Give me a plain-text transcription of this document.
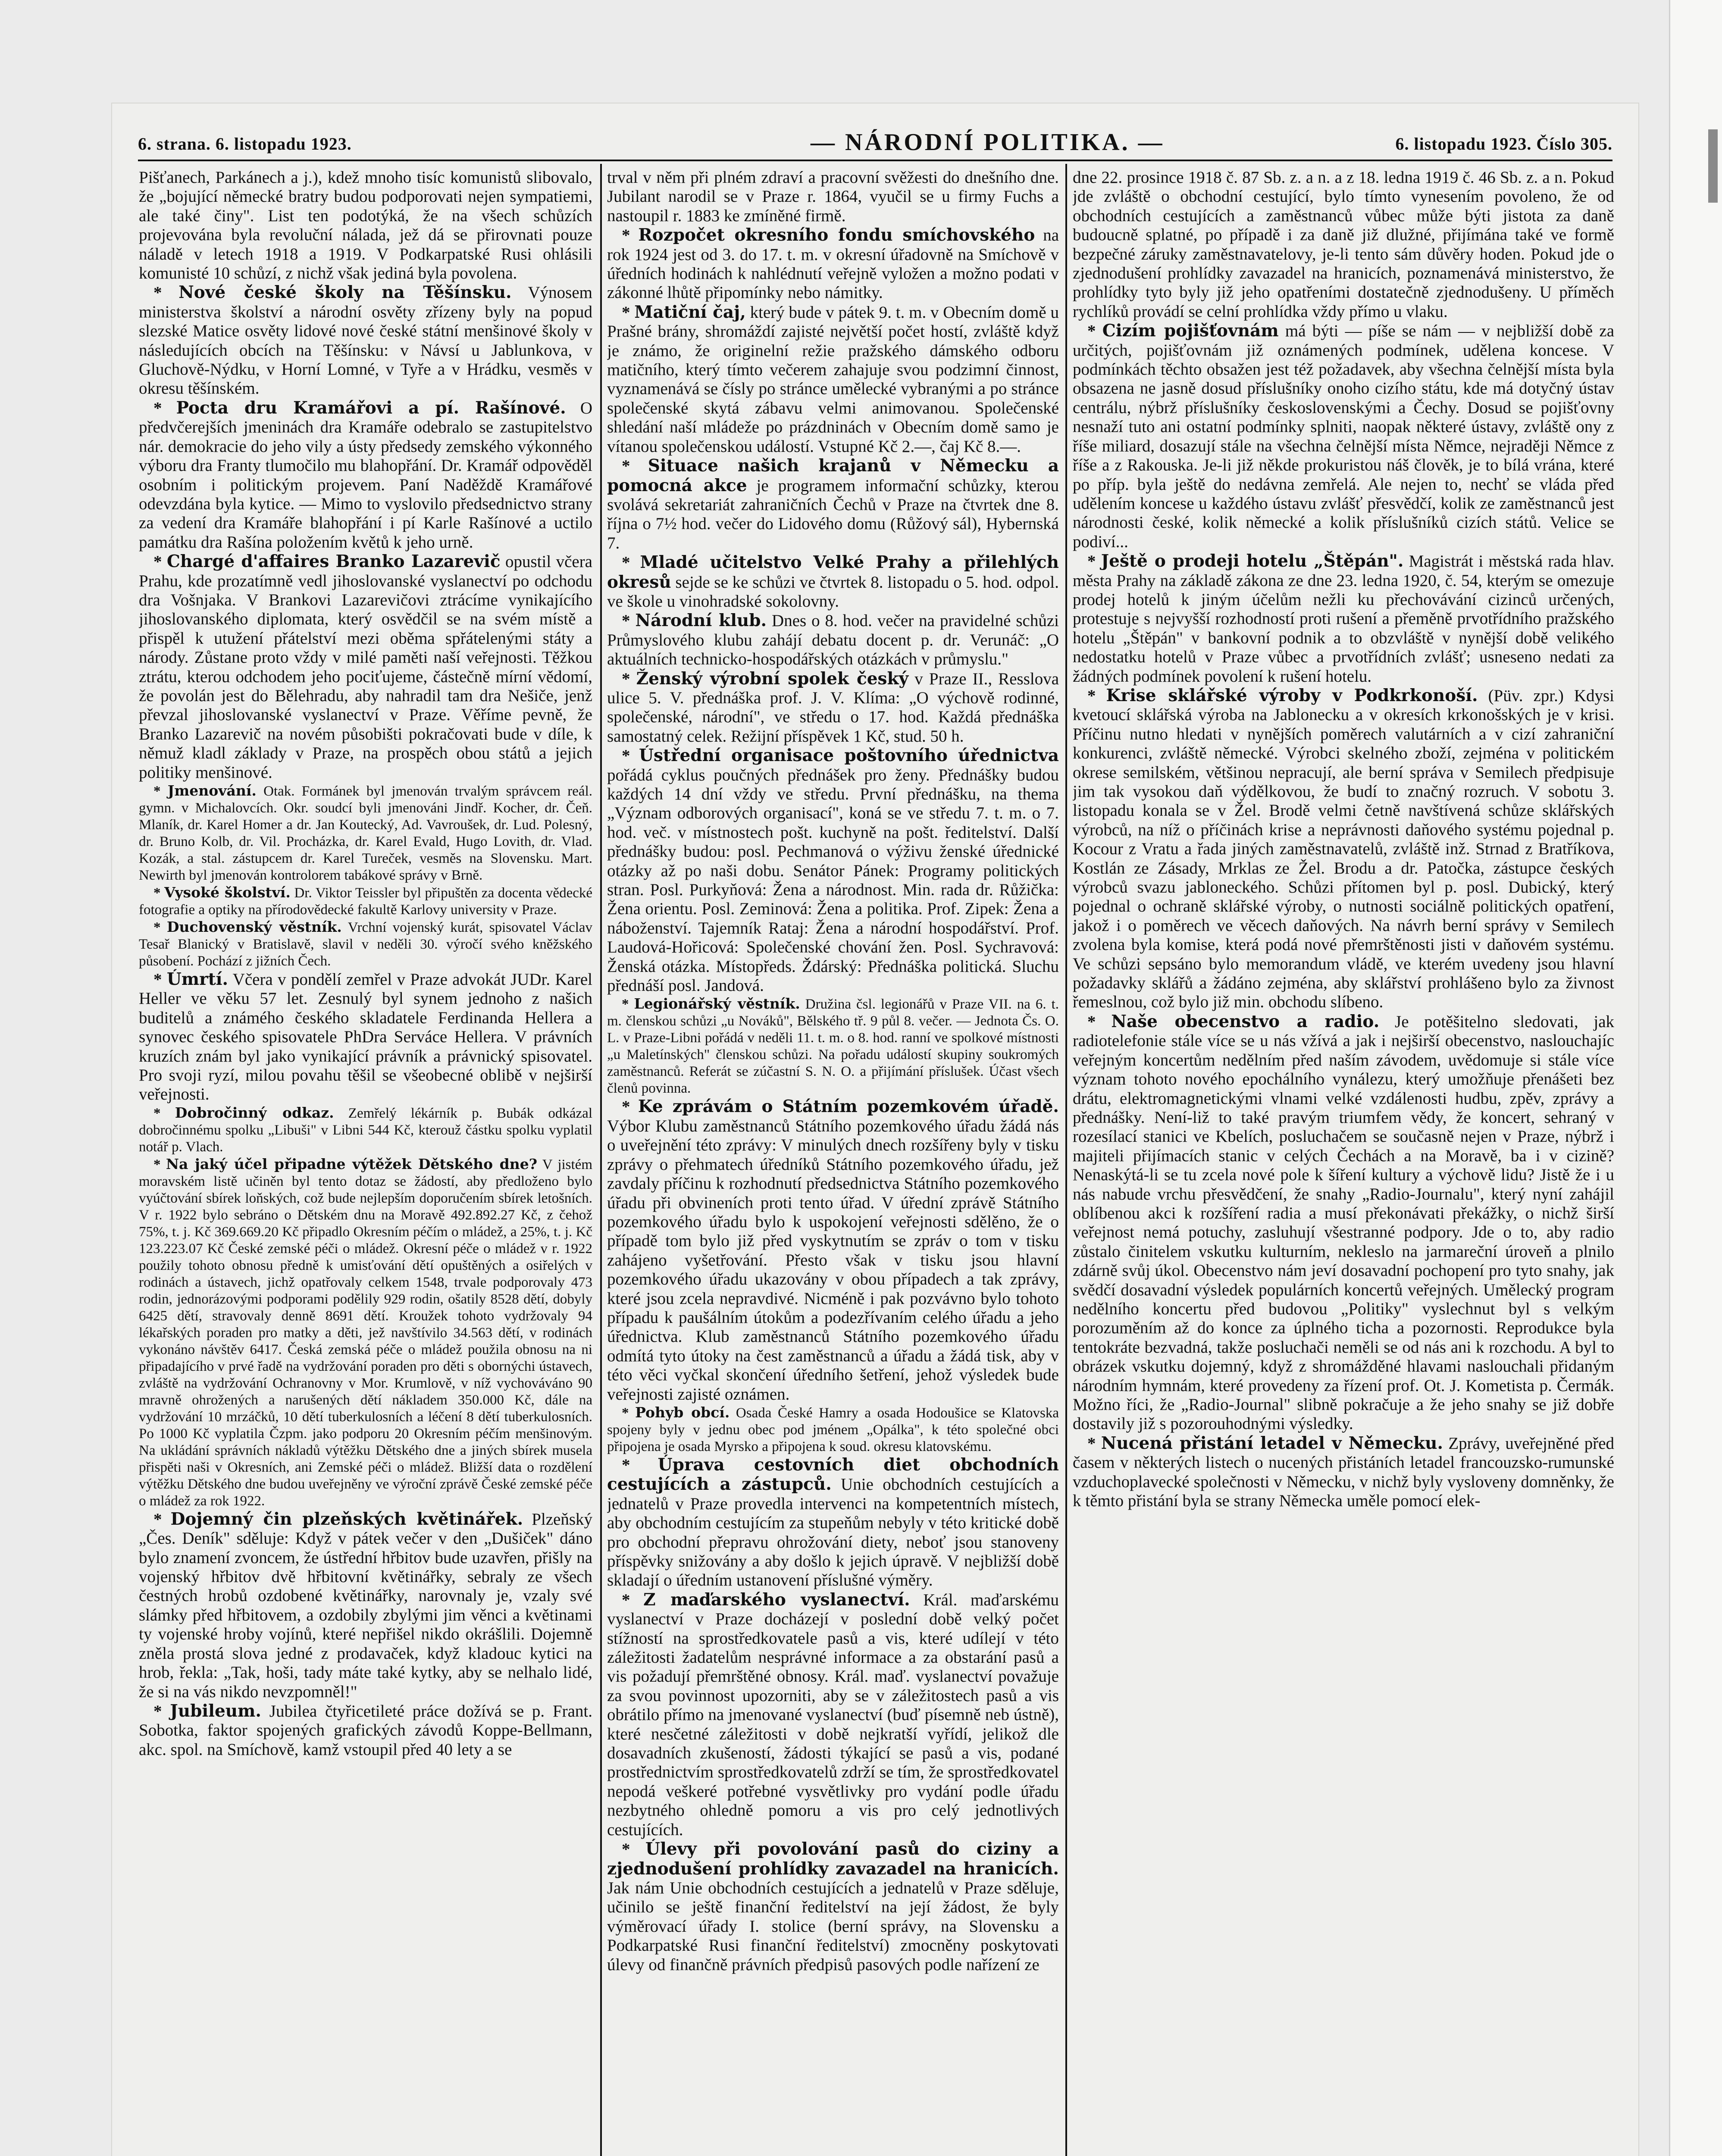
6. strana. 6. listopadu 1923.	— NÁRODNÍ POLITIKA. —	6. listopadu 1923. Číslo 305.

Pišťanech, Parkánech a j.), kdež mnoho tisíc komunistů slibovalo, že „bojující německé bratry budou podporovati nejen sympatiemi, ale také činy". List ten podotýká, že na všech schůzích projevována byla revoluční nálada, jež dá se přirovnati pouze náladě v letech 1918 a 1919. V Podkarpatské Rusi ohlásili komunisté 10 schůzí, z nichž však jediná byla povolena.

* Nové české školy na Těšínsku. Výnosem ministerstva školství a národní osvěty zřízeny byly na popud slezské Matice osvěty lidové nové české státní menšinové školy v následujících obcích na Těšínsku: v Návsí u Jablunkova, v Gluchově-Nýdku, v Horní Lomné, v Tyře a v Hrádku, vesměs v okresu těšínském.

* Pocta dru Kramářovi a pí. Rašínové. O předvčerejších jmeninách dra Kramáře odebralo se zastupitelstvo nár. demokracie do jeho vily a ústy předsedy zemského výkonného výboru dra Franty tlumočilo mu blahopřání. Dr. Kramář odpověděl osobním i politickým projevem. Paní Naděždě Kramářové odevzdána byla kytice. — Mimo to vyslovilo předsednictvo strany za vedení dra Kramáře blahopřání i pí Karle Rašínové a uctilo památku dra Rašína položením květů k jeho urně.

* Chargé d'affaires Branko Lazarevič opustil včera Prahu, kde prozatímně vedl jihoslovanské vyslanectví po odchodu dra Vošnjaka. V Brankovi Lazarevičovi ztrácíme vynikajícího jihoslovanského diplomata, který osvědčil se na svém místě a přispěl k utužení přátelství mezi oběma spřátelenými státy a národy. Zůstane proto vždy v milé paměti naší veřejnosti. Těžkou ztrátu, kterou odchodem jeho pociťujeme, částečně mírní vědomí, že povolán jest do Bělehradu, aby nahradil tam dra Nešiče, jenž převzal jihoslovanské vyslanectví v Praze. Věříme pevně, že Branko Lazarevič na novém působišti pokračovati bude v díle, k němuž kladl základy v Praze, na prospěch obou států a jejich politiky menšinové.

* Jmenování. Otak. Formánek byl jmenován trvalým správcem reál. gymn. v Michalovcích. Okr. soudcí byli jmenováni Jindř. Kocher, dr. Čeň. Mlaník, dr. Karel Homer a dr. Jan Koutecký, Ad. Vavroušek, dr. Lud. Polesný, dr. Bruno Kolb, dr. Vil. Procházka, dr. Karel Evald, Hugo Lovith, dr. Vlad. Kozák, a stal. zástupcem dr. Karel Tureček, vesměs na Slovensku. Mart. Newirth byl jmenován kontrolorem tabákové správy v Brně.

* Vysoké školství. Dr. Viktor Teissler byl připuštěn za docenta vědecké fotografie a optiky na přírodovědecké fakultě Karlovy university v Praze.

* Duchovenský věstník. Vrchní vojenský kurát, spisovatel Václav Tesař Blanický v Bratislavě, slavil v neděli 30. výročí svého kněžského působení. Pochází z jižních Čech.

* Úmrtí. Včera v pondělí zemřel v Praze advokát JUDr. Karel Heller ve věku 57 let. Zesnulý byl synem jednoho z našich buditelů a známého českého skladatele Ferdinanda Hellera a synovec českého spisovatele PhDra Serváce Hellera. V právních kruzích znám byl jako vynikající právník a právnický spisovatel. Pro svoji ryzí, milou povahu těšil se všeobecné oblibě v nejširší veřejnosti.

* Dobročinný odkaz. Zemřelý lékárník p. Bubák odkázal dobročinnému spolku „Libuši" v Libni 544 Kč, kterouž částku spolku vyplatil notář p. Vlach.

* Na jaký účel připadne výtěžek Dětského dne? V jistém moravském listě učiněn byl tento dotaz se žádostí, aby předloženo bylo vyúčtování sbírek loňských, což bude nejlepším doporučením sbírek letošních. V r. 1922 bylo sebráno o Dětském dnu na Moravě 492.892.27 Kč, z čehož 75%, t. j. Kč 369.669.20 Kč připadlo Okresním péčím o mládež, a 25%, t. j. Kč 123.223.07 Kč České zemské péči o mládež. Okresní péče o mládež v r. 1922 použily tohoto obnosu předně k umisťování dětí opuštěných a osiřelých v rodinách a ústavech, jichž opatřovaly celkem 1548, trvale podporovaly 473 rodin, jednorázovými podporami podělily 929 rodin, ošatily 8528 dětí, dobyly 6425 dětí, stravovaly denně 8691 dětí. Kroužek tohoto vydržovaly 94 lékařských poraden pro matky a děti, jež navštívilo 34.563 dětí, v rodinách vykonáno návštěv 6417. Česká zemská péče o mládež použila obnosu na ni připadajícího v prvé řadě na vydržování poraden pro děti s obornýchi ústavech, zvláště na vydržování Ochranovny v Mor. Krumlově, v níž vychováváno 90 mravně ohrožených a narušených dětí nákladem 350.000 Kč, dále na vydržování 10 mrzáčků, 10 dětí tuberkulosních a léčení 8 dětí tuberkulosních. Po 1000 Kč vyplatila Čzpm. jako podporu 20 Okresním péčím menšinovým. Na ukládání správních nákladů výtěžku Dětského dne a jiných sbírek musela přispěti naši v Okresních, ani Zemské péči o mládež. Bližší data o rozdělení výtěžku Dětského dne budou uveřejněny ve výroční zprávě České zemské péče o mládež za rok 1922.

* Dojemný čin plzeňských květinářek. Plzeňský „Čes. Deník" sděluje: Když v pátek večer v den „Dušiček" dáno bylo znamení zvoncem, že ústřední hřbitov bude uzavřen, přišly na vojenský hřbitov dvě hřbitovní květinářky, sebraly ze všech čestných hrobů ozdobené květinářky, narovnaly je, vzaly své slámky před hřbitovem, a ozdobily zbylými jim věnci a květinami ty vojenské hroby vojínů, které nepřišel nikdo okrášlili. Dojemně zněla prostá slova jedné z prodavaček, když kladouc kytici na hrob, řekla: „Tak, hoši, tady máte také kytky, aby se nelhalo lidé, že si na vás nikdo nevzpomněl!"

* Jubileum. Jubilea čtyřicetileté práce dožívá se p. Frant. Sobotka, faktor spojených grafických závodů Koppe-Bellmann, akc. spol. na Smíchově, kamž vstoupil před 40 lety a se

trval v něm při plném zdraví a pracovní svěžesti do dnešního dne. Jubilant narodil se v Praze r. 1864, vyučil se u firmy Fuchs a nastoupil r. 1883 ke zmíněné firmě.

* Rozpočet okresního fondu smíchovského na rok 1924 jest od 3. do 17. t. m. v okresní úřadovně na Smíchově v úředních hodinách k nahlédnutí veřejně vyložen a možno podati v zákonné lhůtě připomínky nebo námitky.

* Matiční čaj, který bude v pátek 9. t. m. v Obecním domě u Prašné brány, shromáždí zajisté největší počet hostí, zvláště když je známo, že originelní režie pražského dámského odboru matičního, který tímto večerem zahajuje svou podzimní činnost, vyznamenává se čísly po stránce umělecké vybranými a po stránce společenské skytá zábavu velmi animovanou. Společenské shledání naší mládeže po prázdninách v Obecním domě samo je vítanou společenskou událostí. Vstupné Kč 2.—, čaj Kč 8.—.

* Situace našich krajanů v Německu a pomocná akce je programem informační schůzky, kterou svolává sekretariát zahraničních Čechů v Praze na čtvrtek dne 8. října o 7½ hod. večer do Lidového domu (Růžový sál), Hybernská 7.

* Mladé učitelstvo Velké Prahy a přilehlých okresů sejde se ke schůzi ve čtvrtek 8. listopadu o 5. hod. odpol. ve škole u vinohradské sokolovny.

* Národní klub. Dnes o 8. hod. večer na pravidelné schůzi Průmyslového klubu zahájí debatu docent p. dr. Verunáč: „O aktuálních technicko-hospodářských otázkách v průmyslu."

* Ženský výrobní spolek český v Praze II., Resslova ulice 5. V. přednáška prof. J. V. Klíma: „O výchově rodinné, společenské, národní", ve středu o 17. hod. Každá přednáška samostatný celek. Režijní příspěvek 1 Kč, stud. 50 h.

* Ústřední organisace poštovního úřednictva pořádá cyklus poučných přednášek pro ženy. Přednášky budou každých 14 dní vždy ve středu. První přednášku, na thema „Význam odborových organisací", koná se ve středu 7. t. m. o 7. hod. več. v místnostech pošt. kuchyně na pošt. ředitelství. Další přednášky budou: posl. Pechmanová o výživu ženské úřednické otázky až po naši dobu. Senátor Pánek: Programy politických stran. Posl. Purkyňová: Žena a národnost. Min. rada dr. Růžička: Žena orientu. Posl. Zeminová: Žena a politika. Prof. Zipek: Žena a náboženství. Tajemník Rataj: Žena a národní hospodářství. Prof. Laudová-Hořicová: Společenské chování žen. Posl. Sychravová: Ženská otázka. Místopředs. Ždárský: Přednáška politická. Sluchu přednáší posl. Jandová.

* Legionářský věstník. Družina čsl. legionářů v Praze VII. na 6. t. m. členskou schůzi „u Nováků", Bělského tř. 9 půl 8. večer. — Jednota Čs. O. L. v Praze-Libni pořádá v neděli 11. t. m. o 8. hod. ranní ve spolkové místnosti „u Maletínských" členskou schůzi. Na pořadu událostí skupiny soukromých zaměstnanců. Referát se zúčastní S. N. O. a přijímání příslušek. Účast všech členů povinna.

* Ke zprávám o Státním pozemkovém úřadě. Výbor Klubu zaměstnanců Státního pozemkového úřadu žádá nás o uveřejnění této zprávy: V minulých dnech rozšířeny byly v tisku zprávy o přehmatech úředníků Státního pozemkového úřadu, jež zavdaly příčinu k rozhodnutí předsednictva Státního pozemkového úřadu při obvineních proti tento úřad. V úřední zprávě Státního pozemkového úřadu bylo k uspokojení veřejnosti sdělěno, že o případě tom bylo již před vyskytnutím se zpráv o tom v tisku zahájeno vyšetřování. Přesto však v tisku jsou hlavní pozemkového úřadu ukazovány v obou případech a tak zprávy, které jsou zcela nepravdivé. Nicméně i pak pozvávno bylo tohoto případu k paušálním útokům a podezřívaním celého úřadu a jeho úřednictva. Klub zaměstnanců Státního pozemkového úřadu odmítá tyto útoky na čest zaměstnanců a úřadu a žádá tisk, aby v této věci vyčkal skončení úředního šetření, jehož výsledek bude veřejnosti zajisté oznámen.

* Pohyb obcí. Osada České Hamry a osada Hodoušice se Klatovska spojeny byly v jednu obec pod jménem „Opálka", k této společné obci připojena je osada Myrsko a připojena k soud. okresu klatovskému.

* Úprava cestovních diet obchodních cestujících a zástupců. Unie obchodních cestujících a jednatelů v Praze provedla intervenci na kompetentních místech, aby obchodním cestujícím za stupeňům nebyly v této kritické době pro obchodní přepravu ohrožování diety, neboť jsou stanoveny příspěvky snižovány a aby došlo k jejich úpravě. V nejbližší době skladají o úředním ustanovení příslušné výměry.

* Z maďarského vyslanectví. Král. maďarskému vyslanectví v Praze docházejí v poslední době velký počet stížností na sprostředkovatele pasů a vis, které udílejí v této záležitosti žadatelům nesprávné informace a za obstarání pasů a vis požadují přemrštěné obnosy. Král. maď. vyslanectví považuje za svou povinnost upozorniti, aby se v záležitostech pasů a vis obrátilo přímo na jmenované vyslanectví (buď písemně neb ústně), které nesčetné záležitosti v době nejkratší vyřídí, jelikož dle dosavadních zkušeností, žádosti týkající se pasů a vis, podané prostřednictvím sprostředkovatelů zdrží se tím, že sprostředkovatel nepodá veškeré potřebné vysvětlivky pro vydání podle úřadu nezbytného ohledně pomoru a vis pro celý jednotlivých cestujících.

* Úlevy při povolování pasů do ciziny a zjednodušení prohlídky zavazadel na hranicích. Jak nám Unie obchodních cestujících a jednatelů v Praze sděluje, učinilo se ještě finanční ředitelství na její žádost, že byly výměrovací úřady I. stolice (berní správy, na Slovensku a Podkarpatské Rusi finanční ředitelství) zmocněny poskytovati úlevy od finančně právních předpisů pasových podle nařízení ze

dne 22. prosince 1918 č. 87 Sb. z. a n. a z 18. ledna 1919 č. 46 Sb. z. a n. Pokud jde zvláště o obchodní cestující, bylo tímto vynesením povoleno, že od obchodních cestujících a zaměstnanců vůbec může býti jistota za daně budoucně splatné, po případě i za daně již dlužné, přijímána také ve formě bezpečné záruky zaměstnavatelovy, je-li tento sám důvěry hoden. Pokud jde o zjednodušení prohlídky zavazadel na hranicích, poznamenává ministerstvo, že prohlídky tyto byly již jeho opatřeními dostatečně zjednodušeny. U příměch rychlíků provádí se celní prohlídka vždy přímo u vlaku.

* Cizím pojišťovnám má býti — píše se nám — v nejbližší době za určitých, pojišťovnám již oznámených podmínek, udělena koncese. V podmínkách těchto obsažen jest též požadavek, aby všechna čelnější místa byla obsazena ne jasně dosud příslušníky onoho cizího státu, kde má dotyčný ústav centrálu, nýbrž příslušníky československými a Čechy. Dosud se pojišťovny nesnaží tuto ani ostatní podmínky splniti, naopak některé ústavy, zvláště ony z říše miliard, dosazují stále na všechna čelnější místa Němce, nejraději Němce z říše a z Rakouska. Je-li již někde prokuristou náš člověk, je to bílá vrána, které po příp. byla ještě do nedávna zemřelá. Ale nejen to, nechť se vláda před udělením koncese u každého ústavu zvlášť přesvědčí, kolik ze zaměstnanců jest národnosti české, kolik německé a kolik příslušníků cizích států. Velice se podiví...

* Ještě o prodeji hotelu „Štěpán". Magistrát i městská rada hlav. města Prahy na základě zákona ze dne 23. ledna 1920, č. 54, kterým se omezuje prodej hotelů k jiným účelům nežli ku přechovávání cizinců určených, protestuje s nejvyšší rozhodností proti rušení a přeměně prvotřídního pražského hotelu „Štěpán" v bankovní podnik a to obzvláště v nynější době velikého nedostatku hotelů v Praze vůbec a prvotřídních zvlášť; usneseno nedati za žádných podmínek povolení k rušení hotelu.

* Krise sklářské výroby v Podkrkonoší. (Püv. zpr.) Kdysi kvetoucí sklářská výroba na Jablonecku a v okresích krkonošských je v krisi. Příčinu nutno hledati v nynějších poměrech valutárních a v cizí zahraniční konkurenci, zvláště německé. Výrobci skelného zboží, zejména v politickém okrese semilském, většinou nepracují, ale berní správa v Semilech předpisuje jim tak vysokou daň výdělkovou, že budí to značný rozruch. V sobotu 3. listopadu konala se v Žel. Brodě velmi četně navštívená schůze sklářských výrobců, na níž o příčinách krise a neprávnosti daňového systému pojednal p. Kocour z Vratu a řada jiných zaměstnavatelů, zvláště inž. Strnad z Bratříkova, Kostlán ze Zásady, Mrklas ze Žel. Brodu a dr. Patočka, zástupce českých výrobců svazu jabloneckého. Schůzi přítomen byl p. posl. Dubický, který pojednal o ochraně sklářské výroby, o nutnosti sociálně politických opatření, jakož i o poměrech ve věcech daňových. Na návrh berní správy v Semilech zvolena byla komise, která podá nové přemrštěnosti jisti v daňovém systému. Ve schůzi sepsáno bylo memorandum vládě, ve kterém uvedeny jsou hlavní požadavky sklářů a žádáno zejména, aby sklářství prohlášeno bylo za živnost řemeslnou, což bylo již min. obchodu slíbeno.

* Naše obecenstvo a radio. Je potěšitelno sledovati, jak radiotelefonie stále více se u nás vžívá a jak i nejširší obecenstvo, naslouchajíc veřejným koncertům nedělním před naším závodem, uvědomuje si stále více význam tohoto nového epochálního vynálezu, který umožňuje přenášeti bez drátu, elektromagnetickými vlnami velké vzdálenosti hudbu, zpěv, zprávy a přednášky. Není-liž to také pravým triumfem vědy, že koncert, sehraný v rozesílací stanici ve Kbelích, posluchačem se současně nejen v Praze, nýbrž i majiteli přijímacích stanic v celých Čechách a na Moravě, ba i v cizině? Nenaskýtá-li se tu zcela nové pole k šíření kultury a výchově lidu? Jistě že i u nás nabude vrchu přesvědčení, že snahy „Radio-Journalu", který nyní zahájil oblíbenou akci k rozšíření radia a musí překonávati překážky, o nichž širší veřejnost nemá potuchy, zasluhují všestranné podpory. Jde o to, aby radio zůstalo činitelem vskutku kulturním, nekleslo na jarmareční úroveň a plnilo zdárně svůj úkol. Obecenstvo nám jeví dosavadní pochopení pro tyto snahy, jak svědčí dosavadní výsledek populárních koncertů veřejných. Umělecký program nedělního koncertu před budovou „Politiky" vyslechnut byl s velkým porozuměním až do konce za úplného ticha a pozornosti. Reprodukce byla tentokráte bezvadná, takže posluchači neměli se od nás ani k rozchodu. A byl to obrázek vskutku dojemný, když z shromážděné hlavami naslouchali přidaným národním hymnám, které provedeny za řízení prof. Ot. J. Kometista p. Čermák. Možno říci, že „Radio-Journal" slibně pokračuje a že jeho snahy se již dobře dostavily již s pozorouhodnými výsledky.

* Nucená přistání letadel v Německu. Zprávy, uveřejněné před časem v některých listech o nucených přistáních letadel francouzsko-rumunské vzduchoplavecké společnosti v Německu, v nichž byly vysloveny domněnky, že k těmto přistání byla se strany Německa uměle pomocí elek-
